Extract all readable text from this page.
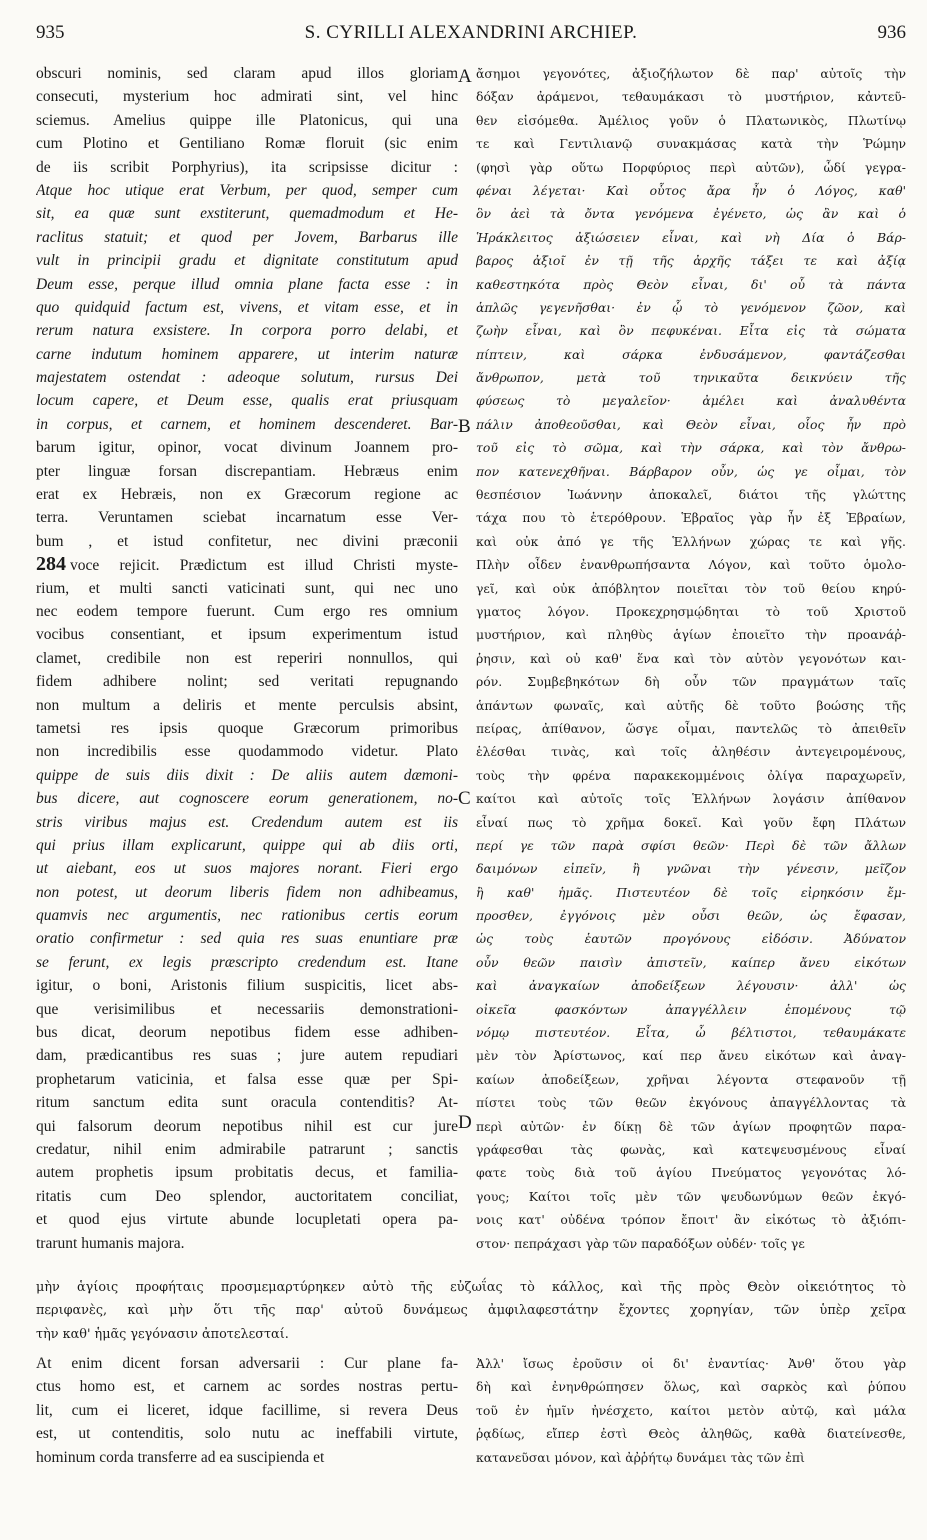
935	S. CYRILLI ALEXANDRINI ARCHIEP.	936
obscuri nominis, sed claram apud illos gloriam
consecuti, mysterium hoc admirati sint, vel hinc
sciemus. Amelius quippe ille Platonicus, qui una
cum Plotino et Gentiliano Romæ floruit (sic enim
de iis scribit Porphyrius), ita scripsisse dicitur :
Atque hoc utique erat Verbum, per quod, semper cum
sit, ea quæ sunt exstiterunt, quemadmodum et He-
raclitus statuit; et quod per Jovem, Barbarus ille
vult in principii gradu et dignitate constitutum apud
Deum esse, perque illud omnia plane facta esse : in
quo quidquid factum est, vivens, et vitam esse, et in
rerum natura exsistere. In corpora porro delabi, et
carne indutum hominem apparere, ut interim naturæ
majestatem ostendat : adeoque solutum, rursus Dei
locum capere, et Deum esse, qualis erat priusquam
in corpus, et carnem, et hominem descenderet. Bar-
barum igitur, opinor, vocat divinum Joannem pro-
pter linguæ forsan discrepantiam. Hebræus enim
erat ex Hebræis, non ex Græcorum regione ac
terra. Veruntamen sciebat incarnatum esse Ver-
bum , et istud confitetur, nec divini præconii
284 voce rejicit. Prædictum est illud Christi myste-
rium, et multi sancti vaticinati sunt, qui nec uno
nec eodem tempore fuerunt. Cum ergo res omnium
vocibus consentiant, et ipsum experimentum istud
clamet, credibile non est reperiri nonnullos, qui
fidem adhibere nolint; sed veritati repugnando
non multum a deliris et mente perculsis absint,
tametsi res ipsis quoque Græcorum primoribus
non incredibilis esse quodammodo videtur. Plato
quippe de suis diis dixit : De aliis autem dæmoni-
bus dicere, aut cognoscere eorum generationem, no-
stris viribus majus est. Credendum autem est iis
qui prius illam explicarunt, quippe qui ab diis orti,
ut aiebant, eos ut suos majores norant. Fieri ergo
non potest, ut deorum liberis fidem non adhibeamus,
quamvis nec argumentis, nec rationibus certis eorum
oratio confirmetur : sed quia res suas enuntiare præ
se ferunt, ex legis præscripto credendum est. Itane
igitur, o boni, Aristonis filium suspicitis, licet abs-
que verisimilibus et necessariis demonstrationi-
bus dicat, deorum nepotibus fidem esse adhiben-
dam, prædicantibus res suas ; jure autem repudiari
prophetarum vaticinia, et falsa esse quæ per Spi-
ritum sanctum edita sunt oracula contenditis? At-
qui falsorum deorum nepotibus nihil est cur jure
credatur, nihil enim admirabile patrarunt ; sanctis
autem prophetis ipsum probitatis decus, et familia-
ritatis cum Deo splendor, auctoritatem conciliat,
et quod ejus virtute abunde locupletati opera pa-
trarunt humanis majora.
ἄσημοι γεγονότες, ἀξιοζήλωτον δὲ παρ' αὐτοῖς τὴν
δόξαν ἀράμενοι, τεθαυμάκασι τὸ μυστήριον, κἀντεῦ-
θεν εἰσόμεθα. Ἀμέλιος γοῦν ὁ Πλατωνικὸς, Πλωτίνῳ
τε καὶ Γεντιλιανῷ συνακμάσας κατὰ τὴν Ῥώμην
(φησὶ γὰρ οὕτω Πορφύριος περὶ αὐτῶν), ὧδί γεγρα-
φέναι λέγεται· Καὶ οὗτος ἄρα ἦν ὁ Λόγος, καθ'
ὃν ἀεὶ τὰ ὄντα γενόμενα ἐγένετο, ὡς ἂν καὶ ὁ
Ἡράκλειτος ἀξιώσειεν εἶναι, καὶ νὴ Δία ὁ Βάρ-
βαρος ἀξιοῖ ἐν τῇ τῆς ἀρχῆς τάξει τε καὶ ἀξίᾳ
καθεστηκότα πρὸς Θεὸν εἶναι, δι' οὗ τὰ πάντα
ἁπλῶς γεγενῆσθαι· ἐν ᾧ τὸ γενόμενον ζῶον, καὶ
ζωὴν εἶναι, καὶ ὂν πεφυκέναι. Εἶτα εἰς τὰ σώματα
πίπτειν, καὶ σάρκα ἐνδυσάμενον, φαντάζεσθαι
ἄνθρωπον, μετὰ τοῦ τηνικαῦτα δεικνύειν τῆς
φύσεως τὸ μεγαλεῖον· ἀμέλει καὶ ἀναλυθέντα
πάλιν ἀποθεοῦσθαι, καὶ Θεὸν εἶναι, οἷος ἦν πρὸ
τοῦ εἰς τὸ σῶμα, καὶ τὴν σάρκα, καὶ τὸν ἄνθρω-
πον κατενεχθῆναι. Βάρβαρον οὖν, ὡς γε οἶμαι, τὸν
θεσπέσιον Ἰωάννην ἀποκαλεῖ, διάτοι τῆς γλώττης
τάχα που τὸ ἑτερόθρουν. Ἑβραῖος γὰρ ἦν ἐξ Ἑβραίων,
καὶ οὐκ ἀπό γε τῆς Ἑλλήνων χώρας τε καὶ γῆς.
Πλὴν οἶδεν ἐνανθρωπήσαντα Λόγον, καὶ τοῦτο ὁμολο-
γεῖ, καὶ οὐκ ἀπόβλητον ποιεῖται τὸν τοῦ θείου κηρύ-
γματος λόγον. Προκεχρησμῴδηται τὸ τοῦ Χριστοῦ
μυστήριον, καὶ πληθὺς ἁγίων ἐποιεῖτο τὴν προανάῤ-
ῥησιν, καὶ οὐ καθ' ἕνα καὶ τὸν αὐτὸν γεγονότων και-
ρόν. Συμβεβηκότων δὴ οὖν τῶν πραγμάτων ταῖς
ἁπάντων φωναῖς, καὶ αὐτῆς δὲ τοῦτο βοώσης τῆς
πείρας, ἀπίθανον, ὥσγε οἶμαι, παντελῶς τὸ ἀπειθεῖν
ἑλέσθαι τινὰς, καὶ τοῖς ἀληθέσιν ἀντεγειρομένους,
τοὺς τὴν φρένα παρακεκομμένοις ὀλίγα παραχωρεῖν,
καίτοι καὶ αὐτοῖς τοῖς Ἑλλήνων λογάσιν ἀπίθανον
εἶναί πως τὸ χρῆμα δοκεῖ. Καὶ γοῦν ἔφη Πλάτων
περί γε τῶν παρὰ σφίσι θεῶν· Περὶ δὲ τῶν ἄλλων
δαιμόνων εἰπεῖν, ἢ γνῶναι τὴν γένεσιν, μεῖζον
ἢ καθ' ἡμᾶς. Πιστευτέον δὲ τοῖς εἰρηκόσιν ἔμ-
προσθεν, ἐγγόνοις μὲν οὖσι θεῶν, ὡς ἔφασαν,
ὡς τοὺς ἑαυτῶν προγόνους εἰδόσιν. Ἀδύνατον
οὖν θεῶν παισὶν ἀπιστεῖν, καίπερ ἄνευ εἰκότων
καὶ ἀναγκαίων ἀποδείξεων λέγουσιν· ἀλλ' ὡς
οἰκεῖα φασκόντων ἀπαγγέλλειν ἑπομένους τῷ
νόμῳ πιστευτέον. Εἶτα, ὦ βέλτιστοι, τεθαυμάκατε
μὲν τὸν Ἀρίστωνος, καί περ ἄνευ εἰκότων καὶ ἀναγ-
καίων ἀποδείξεων, χρῆναι λέγοντα στεφανοῦν τῇ
πίστει τοὺς τῶν θεῶν ἐκγόνους ἀπαγγέλλοντας τὰ
περὶ αὐτῶν· ἐν δίκῃ δὲ τῶν ἁγίων προφητῶν παρα-
γράφεσθαι τὰς φωνὰς, καὶ κατεψευσμένους εἶναί
φατε τοὺς διὰ τοῦ ἁγίου Πνεύματος γεγονότας λό-
γους; Καίτοι τοῖς μὲν τῶν ψευδωνύμων θεῶν ἐκγό-
νοις κατ' οὐδένα τρόπον ἔποιτ' ἂν εἰκότως τὸ ἀξιόπι-
στον· πεπράχασι γὰρ τῶν παραδόξων οὐδέν· τοῖς γε
A
B
C
D
μὴν ἁγίοις προφήταις προσμεμαρτύρηκεν αὐτὸ τῆς εὐζωΐας τὸ κάλλος, καὶ τῆς πρὸς Θεὸν οἰκειότητος τὸ
περιφανὲς, καὶ μὴν ὅτι τῆς παρ' αὐτοῦ δυνάμεως ἀμφιλαφεστάτην ἔχοντες χορηγίαν, τῶν ὑπὲρ χεῖρα
τὴν καθ' ἡμᾶς γεγόνασιν ἀποτελεσταί.
At enim dicent forsan adversarii : Cur plane fa-
ctus homo est, et carnem ac sordes nostras pertu-
lit, cum ei liceret, idque facillime, si revera Deus
est, ut contenditis, solo nutu ac ineffabili virtute,
hominum corda transferre ad ea suscipienda et
Ἀλλ' ἴσως ἐροῦσιν οἱ δι' ἐναντίας· Ἀνθ' ὅτου γὰρ
δὴ καὶ ἐνηνθρώπησεν ὅλως, καὶ σαρκὸς καὶ ῥύπου
τοῦ ἐν ἡμῖν ἠνέσχετο, καίτοι μετὸν αὐτῷ, καὶ μάλα
ῥᾳδίως, εἴπερ ἐστὶ Θεὸς ἀληθῶς, καθὰ διατείνεσθε,
κατανεῦσαι μόνον, καὶ ἀῤῥήτῳ δυνάμει τὰς τῶν ἐπὶ
